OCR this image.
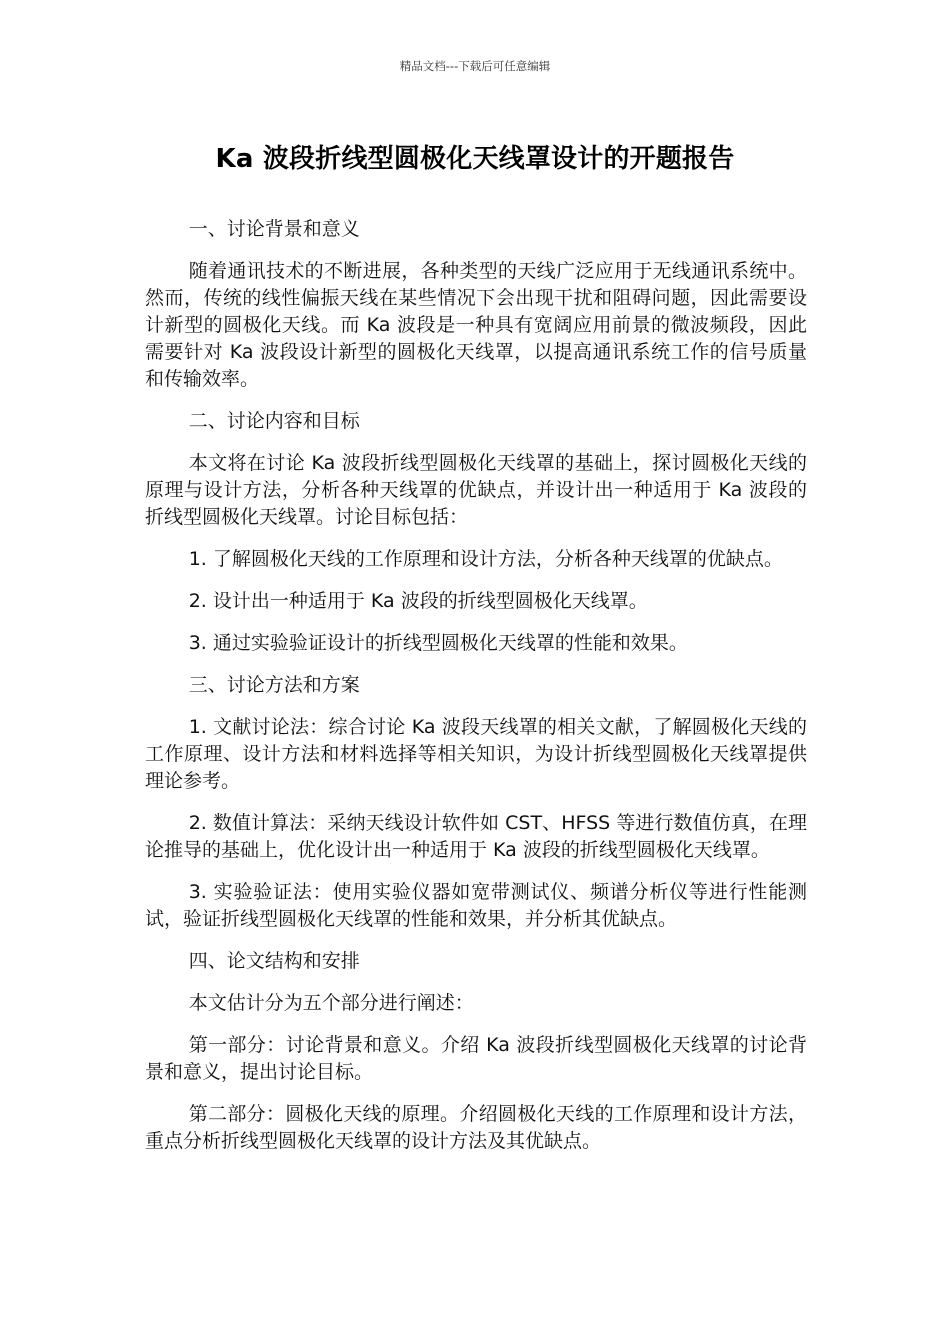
精品文档---下载后可任意编辑
Ka 波段折线型圆极化天线罩设计的开题报告

一、讨论背景和意义

随着通讯技术的不断进展，各种类型的天线广泛应用于无线通讯系统中。然而，传统的线性偏振天线在某些情况下会出现干扰和阻碍问题，因此需要设计新型的圆极化天线。而 Ka 波段是一种具有宽阔应用前景的微波频段，因此需要针对 Ka 波段设计新型的圆极化天线罩，以提高通讯系统工作的信号质量和传输效率。

二、讨论内容和目标

本文将在讨论 Ka 波段折线型圆极化天线罩的基础上，探讨圆极化天线的原理与设计方法，分析各种天线罩的优缺点，并设计出一种适用于 Ka 波段的折线型圆极化天线罩。讨论目标包括：

1. 了解圆极化天线的工作原理和设计方法，分析各种天线罩的优缺点。

2. 设计出一种适用于 Ka 波段的折线型圆极化天线罩。

3. 通过实验验证设计的折线型圆极化天线罩的性能和效果。

三、讨论方法和方案

1. 文献讨论法：综合讨论 Ka 波段天线罩的相关文献，了解圆极化天线的工作原理、设计方法和材料选择等相关知识，为设计折线型圆极化天线罩提供理论参考。

2. 数值计算法：采纳天线设计软件如 CST、HFSS 等进行数值仿真，在理论推导的基础上，优化设计出一种适用于 Ka 波段的折线型圆极化天线罩。

3. 实验验证法：使用实验仪器如宽带测试仪、频谱分析仪等进行性能测试，验证折线型圆极化天线罩的性能和效果，并分析其优缺点。

四、论文结构和安排

本文估计分为五个部分进行阐述：

第一部分：讨论背景和意义。介绍 Ka 波段折线型圆极化天线罩的讨论背景和意义，提出讨论目标。

第二部分：圆极化天线的原理。介绍圆极化天线的工作原理和设计方法，重点分析折线型圆极化天线罩的设计方法及其优缺点。
